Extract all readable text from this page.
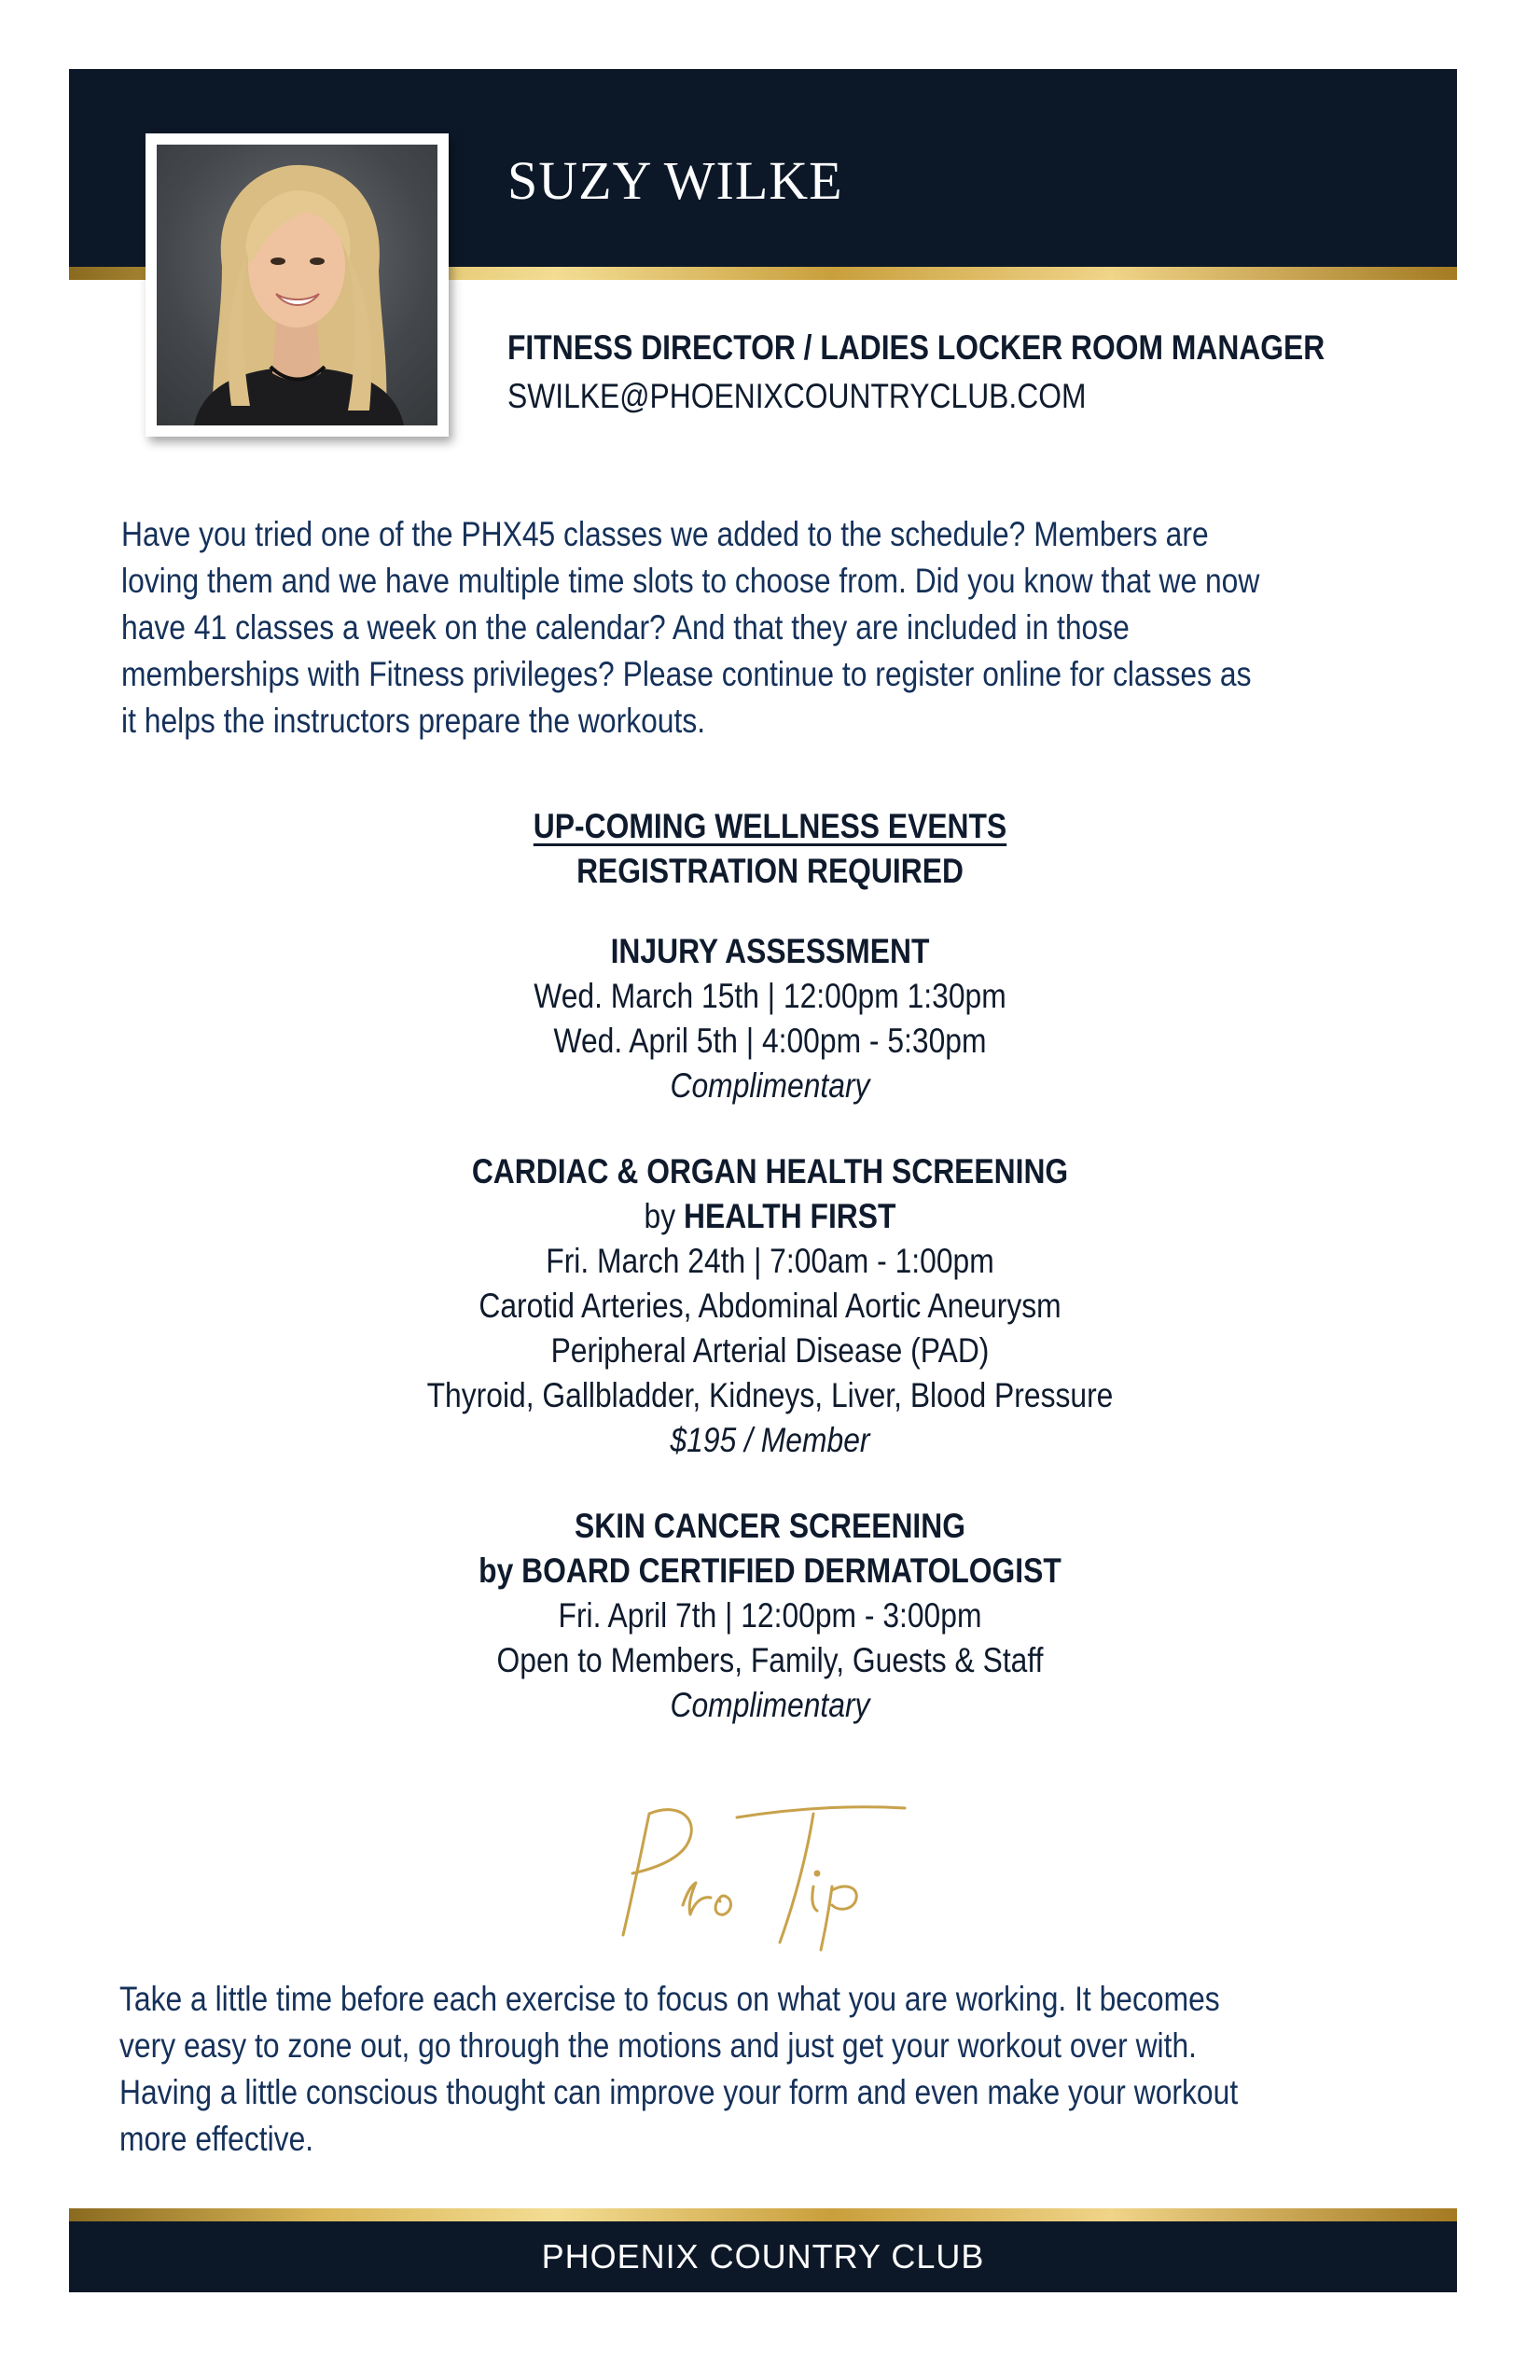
SUZY WILKE
FITNESS DIRECTOR / LADIES LOCKER ROOM MANAGER
SWILKE@PHOENIXCOUNTRYCLUB.COM
Have you tried one of the PHX45 classes we added to the schedule? Members are
loving them and we have multiple time slots to choose from. Did you know that we now
have 41 classes a week on the calendar? And that they are included in those
memberships with Fitness privileges? Please continue to register online for classes as
it helps the instructors prepare the workouts.
UP-COMING WELLNESS EVENTS
REGISTRATION REQUIRED
INJURY ASSESSMENT
Wed. March 15th | 12:00pm 1:30pm
Wed. April 5th | 4:00pm - 5:30pm
Complimentary
CARDIAC & ORGAN HEALTH SCREENING
by HEALTH FIRST
Fri. March 24th | 7:00am - 1:00pm
Carotid Arteries, Abdominal Aortic Aneurysm
Peripheral Arterial Disease (PAD)
Thyroid, Gallbladder, Kidneys, Liver, Blood Pressure
$195 / Member
SKIN CANCER SCREENING
by BOARD CERTIFIED DERMATOLOGIST
Fri. April 7th | 12:00pm - 3:00pm
Open to Members, Family, Guests & Staff
Complimentary
Take a little time before each exercise to focus on what you are working. It becomes
very easy to zone out, go through the motions and just get your workout over with.
Having a little conscious thought can improve your form and even make your workout
more effective.
PHOENIX COUNTRY CLUB
